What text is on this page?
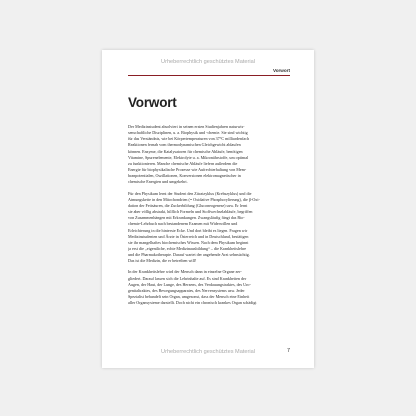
Urheberrechtlich geschütztes Material
Vorwort
Vorwort

Der Medizinstudent absolviert in seinen ersten Studienjahren naturwis-
senschaftliche Disziplinen, u. a. Biophysik und -chemie. Sie sind wichtig
für das Verständnis, wie bei Körpertemperaturen von 37°C milliardenfach
Reaktionen fernab vom thermodynamischen Gleichgewicht ablaufen
können. Enzyme, die Katalysatoren für chemische Abläufe, benötigen
Vitamine, Spurenelemente, Elektrolyte u. a. Mikronährstoffe, um optimal
zu funktionieren. Manche chemische Abläufe liefern außerdem die
Energie für biophysikalische Prozesse wie Aufrechterhaltung von Mem-
branpotentialen, Oszillationen, Konversionen elektromagnetischer in
chemische Energien und umgekehrt.

Für den Physikum lernt der Student den Zitratzyklus (Krebszyklus) und die
Atmungskette in den Mitochondrien (= Oxidative Phosphorylierung), die β-Oxi-
dation der Fettsäuren, die Zuckerbildung (Gluconeogenese) usw. Er lernt
sie aber völlig abstrakt, hilflich Formeln und Stoffwechselabläufe, begriffen
von Zusammenhängen mit Erkrankungen. Zwangsläufig fängt das Bio-
chemie-Lehrbuch nach bestandenem Examen mit Widerwillen und
Erleichterung in die hinterste Ecke. Und dort bleibt es liegen. Fragen wir
Medizinstudenten und Ärzte in Österreich und in Deutschland, bestätigen
sie ihr mangelhaftes biochemisches Wissen. Nach dem Physikum beginnt
ja erst die „eigentliche, echte Medizinausbildung“ – die Krankheitslehre
und die Pharmakotherapie. Darauf wartet der angehende Arzt sehnsüchtig.
Das ist die Medizin, die er betreiben will!

In der Krankheitslehre wird der Mensch dann in einzelne Organe zer-
gliedert. Darauf lassen sich die Lehrinhalte auf. Es sind Krankheiten der
Augen, der Haut, der Lunge, des Herzens, des Verdauungstraktes, des Uro-
genitaltraktes, des Bewegungsapparates, des Nervensystems usw. Jeder
Spezialist behandelt sein Organ, umgesonst, dass der Mensch eine Einheit
aller Organsysteme darstellt. Doch nicht ein chronisch krankes Organ schädigt

Urheberrechtlich geschütztes Material	7
